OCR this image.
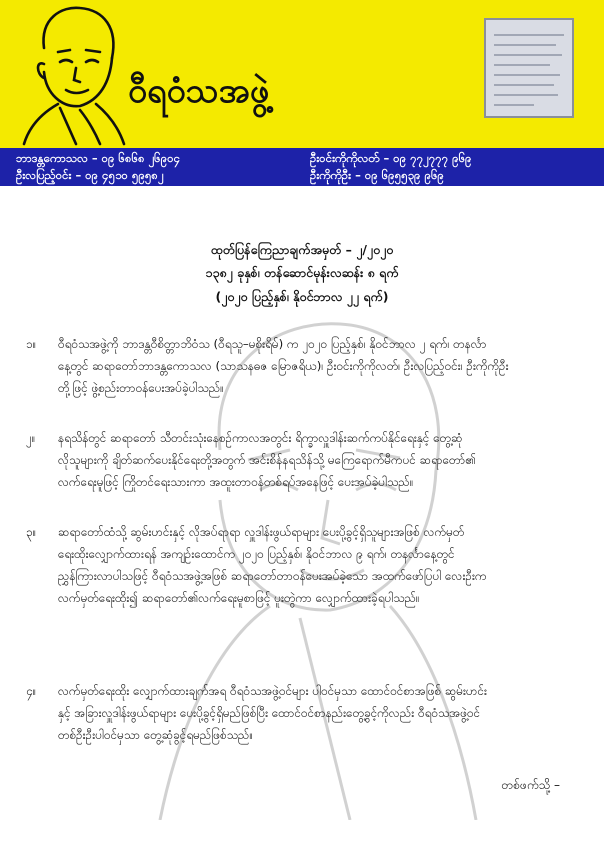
ဝီရဝံသအဖွဲ့
ဘာဒန္တကောသလ – ၀၉ ၆၈၆၈ ၂၆၉၀၄
ဦးလပြည့်ဝင်း – ၀၉ ၄၅၁၀ ၅၉၅၈၂
ဦးဝင်းကိုကိုလတ် – ၀၉ ၇၇၂၇၇၇ ၉၆၉
ဦးကိုကိုဦး – ၀၉ ၆၉၅၅၃၉ ၉၆၉
ထုတ်ပြန်ကြေညာချက်အမှတ် – ၂/၂၀၂၀
၁၃၈၂ ခုနှစ်၊ တန်ဆောင်မုန်းလဆန်း ၈ ရက်
(၂၀၂၀ ပြည့်နှစ်၊ နိုဝင်ဘာလ ၂၂ ရက်)
၁။ ဝီရဝံသအဖွဲ့ကို ဘာဒန္တဝီစိတ္တာဘိဝံသ (ဝီရသူ–မစိုးရိမ်) က ၂၀၂၀ ပြည့်နှစ်၊ နိုဝင်ဘာလ ၂ ရက်၊ တနင်္လာ
နေ့တွင် ဆရာတော်ဘာဒန္တကောသလ (သာသနဓဇ မြောဇရိယ)၊ ဦးဝင်းကိုကိုလတ်၊ ဦးလပြည့်ဝင်း၊ ဦးကိုကိုဦး
တို့ဖြင့် ဖွဲ့စည်းတာဝန်ပေးအပ်ခဲ့ပါသည်။
၂။ နရသိန်တွင် ဆရာတော် သီတင်းသုံးနေစဉ်ကာလအတွင်း ရိက္ခာလှူဒါန်းဆက်ကပ်နိုင်ရေးနှင့် တွေ့ဆုံ
လိုသူများကို ချိတ်ဆက်ပေးနိုင်ရေးတို့အတွက် အင်းစိန်နရသိန်သို့ မကြေရောက်မီကပင် ဆရာတော်၏
လက်ရေးမူဖြင့် ကြိုတင်ရေးသားကာ အထူးတာဝန်တစ်ရပ်အနေဖြင့် ပေးအပ်ခဲ့ပါသည်။
၃။ ဆရာတော်ထံသို့ ဆွမ်းဟင်းနှင့် လိုအပ်ရာရာ လှူဒါန်းဖွယ်ရာများ ပေးပို့ခွင့်ရှိသူများအဖြစ် လက်မှတ်
ရေးထိုးလျှောက်ထားရန် အကျဉ်းထောင်က ၂၀၂၀ ပြည့်နှစ်၊ နိုဝင်ဘာလ ၉ ရက်၊ တနင်္လာနေ့တွင်
ညွှန်ကြားလာပါသဖြင့် ဝီရဝံသအဖွဲ့အဖြစ် ဆရာတော်တာဝန်ပေးအပ်ခဲ့သော အထက်ဖော်ပြပါ လေးဦးက
လက်မှတ်ရေးထိုး၍ ဆရာတော်၏လက်ရေးမူစာဖြင့် ပူးတွဲကာ လျှောက်ထားခဲ့ရပါသည်။
၄။ လက်မှတ်ရေးထိုး လျှောက်ထားချက်အရ ဝီရဝံသအဖွဲ့ဝင်များ ပါဝင်မှသာ ထောင်ဝင်စာအဖြစ် ဆွမ်းဟင်း
နှင့် အခြားလှူဒါန်းဖွယ်ရာများ ပေးပို့ခွင့်ရှိမည်ဖြစ်ပြီး ထောင်ဝင်စာနည်းတွေ့ခွင့်ကိုလည်း ဝီရဝံသအဖွဲ့ဝင်
တစ်ဦးဦးပါဝင်မှသာ တွေ့ဆုံခွင့်ရမည်ဖြစ်သည်။
တစ်ဖက်သို့ –
